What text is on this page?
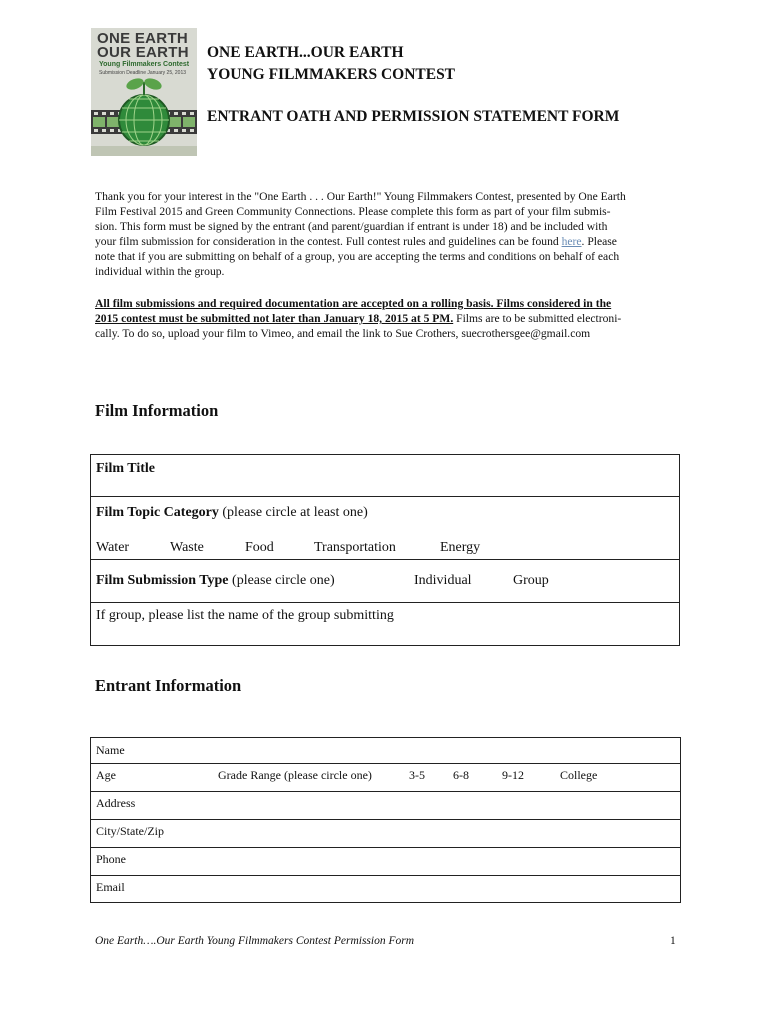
ONE EARTH
OUR EARTH
Young Filmmakers Contest
Submission Deadline January 25, 2013
ONE EARTH...OUR EARTH
YOUNG FILMMAKERS CONTEST
ENTRANT OATH AND PERMISSION STATEMENT FORM
Thank you for your interest in the "One Earth . . . Our Earth!" Young Filmmakers Contest, presented by One Earth
Film Festival 2015 and Green Community Connections. Please complete this form as part of your film submis-
sion. This form must be signed by the entrant (and parent/guardian if entrant is under 18) and be included with
your film submission for consideration in the contest. Full contest rules and guidelines can be found here. Please
note that if you are submitting on behalf of a group, you are accepting the terms and conditions on behalf of each
individual within the group.
All film submissions and required documentation are accepted on a rolling basis. Films considered in the
2015 contest must be submitted not later than January 18, 2015 at 5 PM. Films are to be submitted electroni-
cally. To do so, upload your film to Vimeo, and email the link to Sue Crothers, suecrothersgee@gmail.com
Film Information
Film Title
Film Topic Category (please circle at least one)
Water	Waste	Food	Transportation	Energy
Film Submission Type (please circle one)	Individual	Group
If group, please list the name of the group submitting
Entrant Information
Name
Age	Grade Range (please circle one)	3-5 6-8	9-12	College
Address
City/State/Zip
Phone
Email
One Earth….Our Earth Young Filmmakers Contest Permission Form	1
